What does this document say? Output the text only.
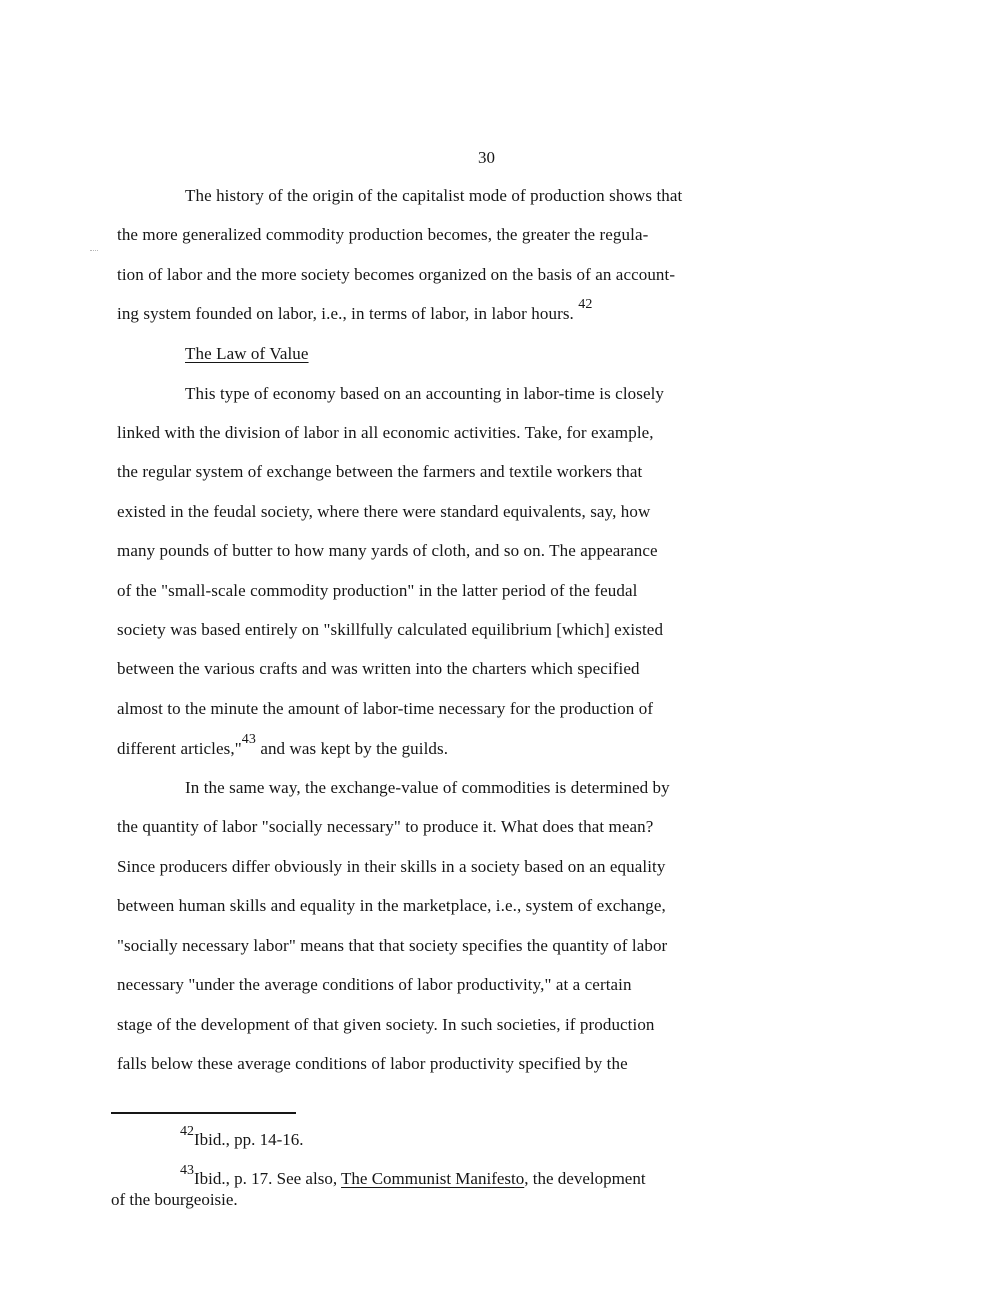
30
The history of the origin of the capitalist mode of production shows that
the more generalized commodity production becomes, the greater the regula-
tion of labor and the more society becomes organized on the basis of an account-
ing system founded on labor, i.e., in terms of labor, in labor hours. $^{42}$
The Law of Value
This type of economy based on an accounting in labor-time is closely
linked with the division of labor in all economic activities. Take, for example,
the regular system of exchange between the farmers and textile workers that
existed in the feudal society, where there were standard equivalents, say, how
many pounds of butter to how many yards of cloth, and so on. The appearance
of the "small-scale commodity production" in the latter period of the feudal
society was based entirely on "skillfully calculated equilibrium [which] existed
between the various crafts and was written into the charters which specified
almost to the minute the amount of labor-time necessary for the production of
different articles,"$^{43}$ and was kept by the guilds.
In the same way, the exchange-value of commodities is determined by
the quantity of labor "socially necessary" to produce it. What does that mean?
Since producers differ obviously in their skills in a society based on an equality
between human skills and equality in the marketplace, i.e., system of exchange,
"socially necessary labor" means that that society specifies the quantity of labor
necessary "under the average conditions of labor productivity," at a certain
stage of the development of that given society. In such societies, if production
falls below these average conditions of labor productivity specified by the
$^{42}$Ibid., pp. 14-16.
$^{43}$Ibid., p. 17. See also, The Communist Manifesto, the development
of the bourgeoisie.
